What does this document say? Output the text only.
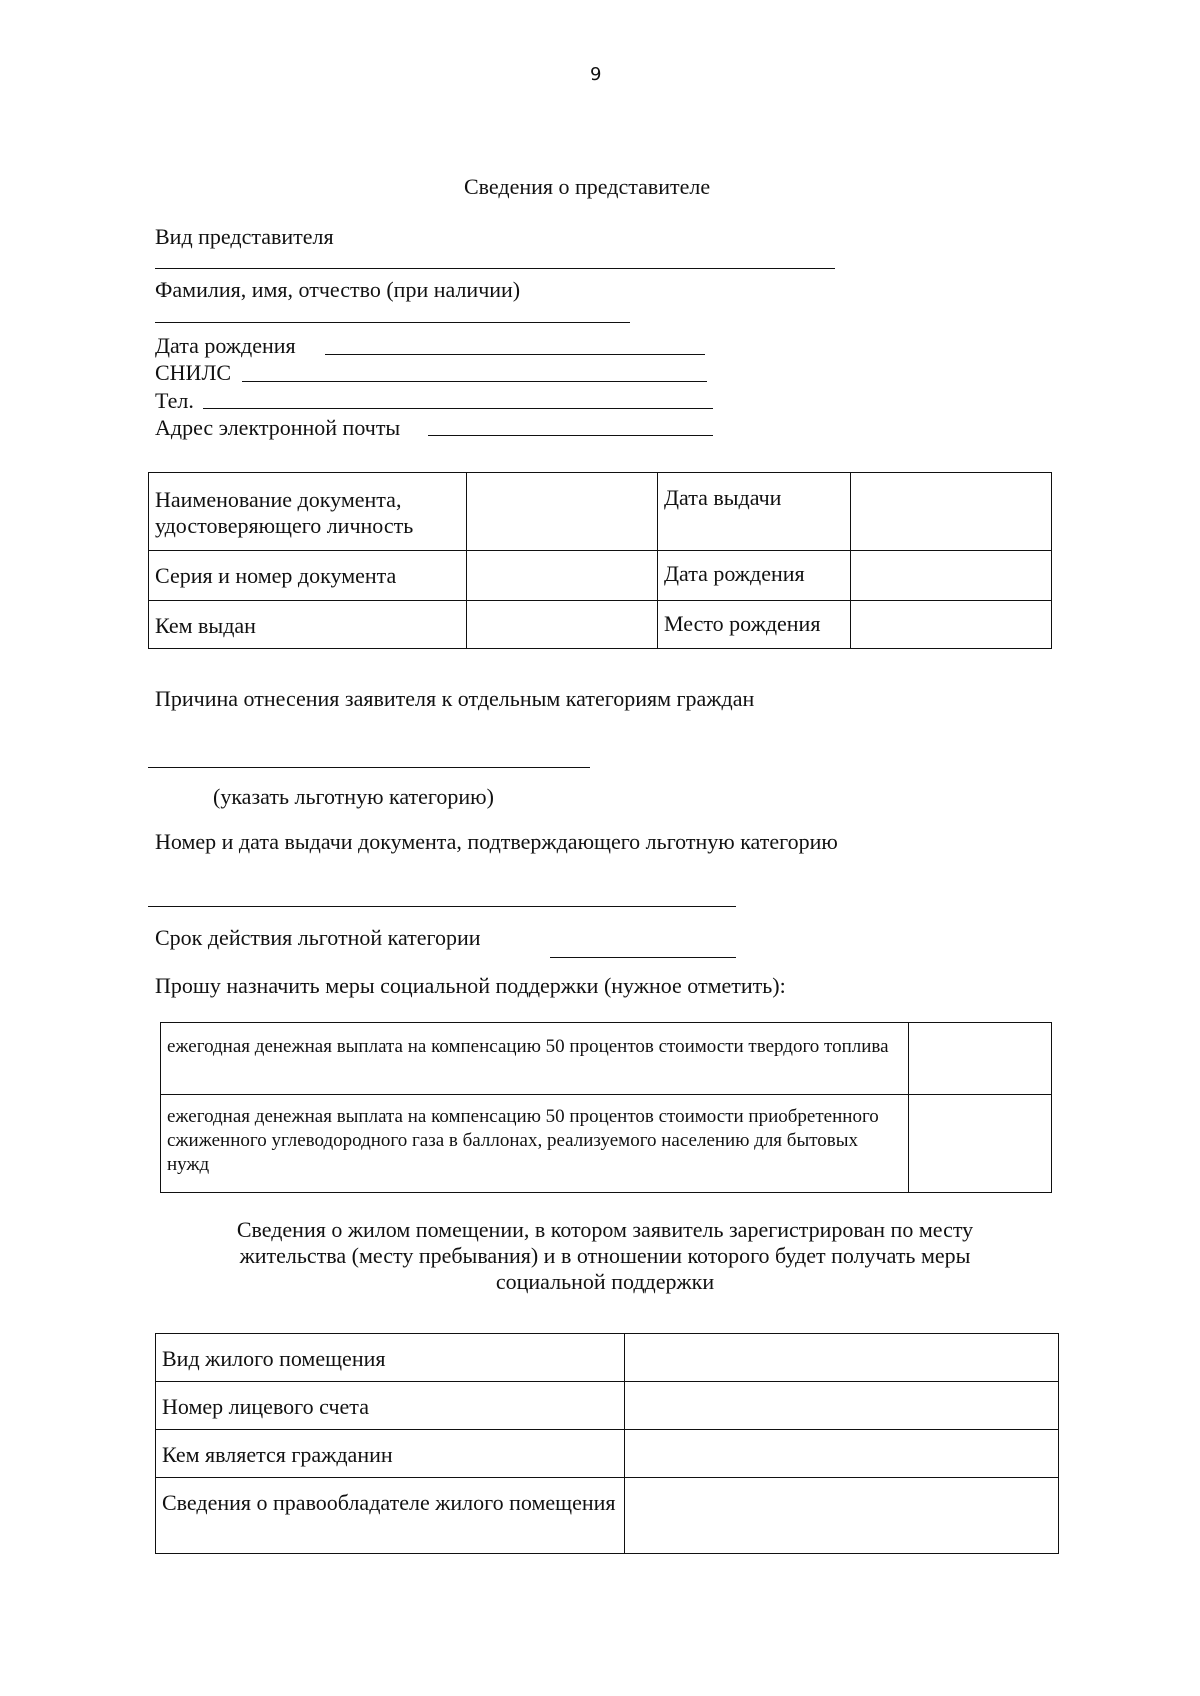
9
Сведения о представителе
Вид представителя
Фамилия, имя, отчество (при наличии)
Дата рождения
СНИЛС
Тел.
Адрес электронной почты
Наименование документа, удостоверяющего личность		Дата выдачи	
Серия и номер документа		Дата рождения	
Кем выдан		Место рождения	
Причина отнесения заявителя к отдельным категориям граждан
(указать льготную категорию)
Номер и дата выдачи документа, подтверждающего льготную категорию
Срок действия льготной категории
Прошу назначить меры социальной поддержки (нужное отметить):
ежегодная денежная выплата на компенсацию 50 процентов стоимости твердого топлива	
ежегодная денежная выплата на компенсацию 50 процентов стоимости приобретенного сжиженного углеводородного газа в баллонах, реализуемого населению для бытовых нужд	
Сведения о жилом помещении, в котором заявитель зарегистрирован по месту жительства (месту пребывания) и в отношении которого будет получать меры социальной поддержки
Вид жилого помещения	
Номер лицевого счета	
Кем является гражданин	
Сведения о правообладателе жилого помещения	
